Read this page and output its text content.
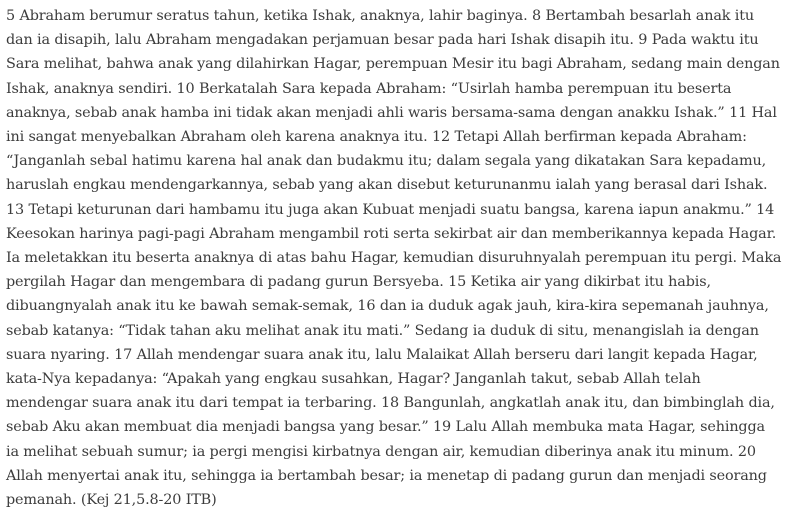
5 Abraham berumur seratus tahun, ketika Ishak, anaknya, lahir baginya. 8 Bertambah besarlah anak itu dan ia disapih, lalu Abraham mengadakan perjamuan besar pada hari Ishak disapih itu. 9 Pada waktu itu Sara melihat, bahwa anak yang dilahirkan Hagar, perempuan Mesir itu bagi Abraham, sedang main dengan Ishak, anaknya sendiri. 10 Berkatalah Sara kepada Abraham: “Usirlah hamba perempuan itu beserta anaknya, sebab anak hamba ini tidak akan menjadi ahli waris bersama-sama dengan anakku Ishak.” 11 Hal ini sangat menyebalkan Abraham oleh karena anaknya itu. 12 Tetapi Allah berfirman kepada Abraham: “Janganlah sebal hatimu karena hal anak dan budakmu itu; dalam segala yang dikatakan Sara kepadamu, haruslah engkau mendengarkannya, sebab yang akan disebut keturunanmu ialah yang berasal dari Ishak. 13 Tetapi keturunan dari hambamu itu juga akan Kubuat menjadi suatu bangsa, karena iapun anakmu.” 14 Keesokan harinya pagi-pagi Abraham mengambil roti serta sekirbat air dan memberikannya kepada Hagar. Ia meletakkan itu beserta anaknya di atas bahu Hagar, kemudian disuruhnyalah perempuan itu pergi. Maka pergilah Hagar dan mengembara di padang gurun Bersyeba. 15 Ketika air yang dikirbat itu habis, dibuangnyalah anak itu ke bawah semak-semak, 16 dan ia duduk agak jauh, kira-kira sepemanah jauhnya, sebab katanya: “Tidak tahan aku melihat anak itu mati.” Sedang ia duduk di situ, menangislah ia dengan suara nyaring. 17 Allah mendengar suara anak itu, lalu Malaikat Allah berseru dari langit kepada Hagar, kata-Nya kepadanya: “Apakah yang engkau susahkan, Hagar? Janganlah takut, sebab Allah telah mendengar suara anak itu dari tempat ia terbaring. 18 Bangunlah, angkatlah anak itu, dan bimbinglah dia, sebab Aku akan membuat dia menjadi bangsa yang besar.” 19 Lalu Allah membuka mata Hagar, sehingga ia melihat sebuah sumur; ia pergi mengisi kirbatnya dengan air, kemudian diberinya anak itu minum. 20 Allah menyertai anak itu, sehingga ia bertambah besar; ia menetap di padang gurun dan menjadi seorang pemanah. (Kej 21,5.8-20 ITB)
